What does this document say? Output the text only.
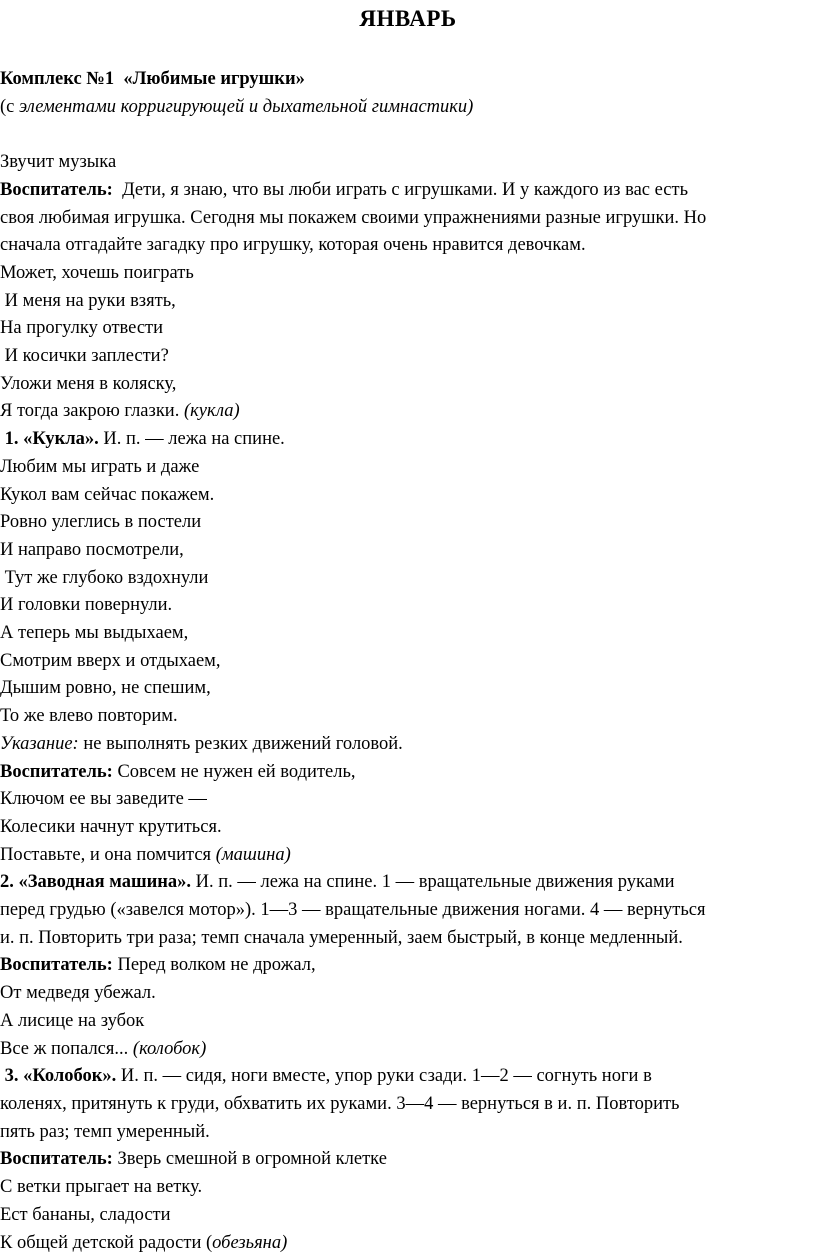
ЯНВАРЬ
Комплекс №1  «Любимые игрушки»
(с элементами корригирующей и дыхательной гимнастики)
Звучит музыка
Воспитатель:  Дети, я знаю, что вы люби играть с игрушками. И у каждого из вас есть
своя любимая игрушка. Сегодня мы покажем своими упражнениями разные игрушки. Но
сначала отгадайте загадку про игрушку, которая очень нравится девочкам.
Может, хочешь поиграть
И меня на руки взять,
На прогулку отвести
И косички заплести?
Уложи меня в коляску,
Я тогда закрою глазки. (кукла)
1. «Кукла». И. п. — лежа на спине.
Любим мы играть и даже
Кукол вам сейчас покажем.
Ровно улеглись в постели
И направо посмотрели,
Тут же глубоко вздохнули
И головки повернули.
А теперь мы выдыхаем,
Смотрим вверх и отдыхаем,
Дышим ровно, не спешим,
То же влево повторим.
Указание: не выполнять резких движений головой.
Воспитатель: Совсем не нужен ей водитель,
Ключом ее вы заведите —
Колесики начнут крутиться.
Поставьте, и она помчится (машина)
2. «Заводная машина». И. п. — лежа на спине. 1 — вращательные движения руками
перед грудью («завелся мотор»). 1—3 — вращательные движения ногами. 4 — вернуться
и. п. Повторить три раза; темп сначала умеренный, заем быстрый, в конце медленный.
Воспитатель: Перед волком не дрожал,
От медведя убежал.
А лисице на зубок
Все ж попался... (колобок)
3. «Колобок». И. п. — сидя, ноги вместе, упор руки сзади. 1—2 — согнуть ноги в
коленях, притянуть к груди, обхватить их руками. 3—4 — вернуться в и. п. Повторить
пять раз; темп умеренный.
Воспитатель: Зверь смешной в огромной клетке
С ветки прыгает на ветку.
Ест бананы, сладости
К общей детской радости (обезьяна)
